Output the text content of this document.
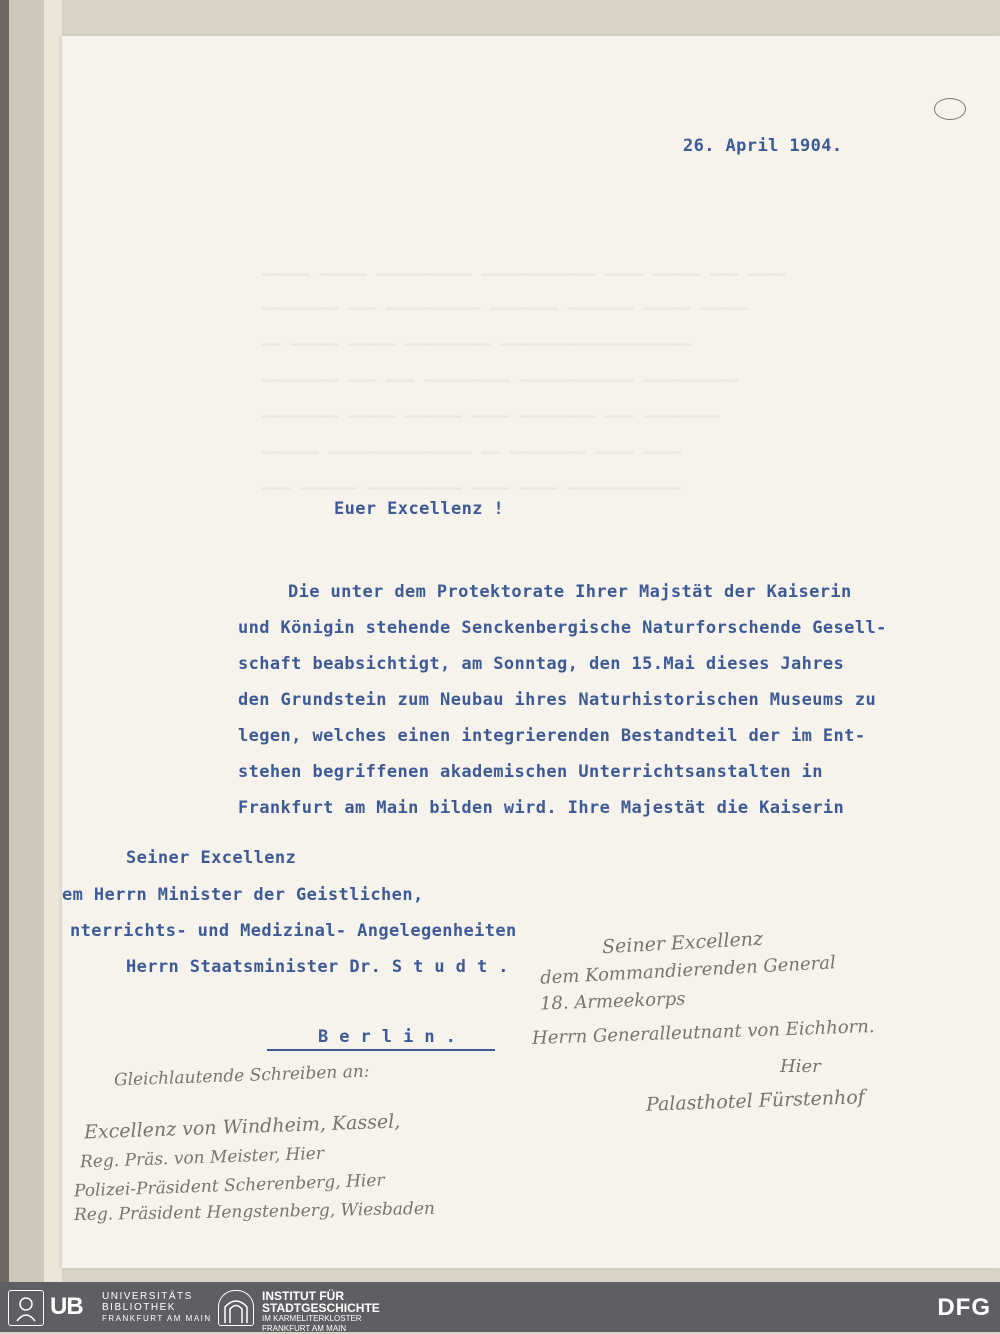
▁▁▁▁▁ ▁▁▁▁▁ ▁▁▁▁▁▁▁▁▁▁ ▁▁▁▁▁▁▁▁▁▁▁▁ ▁▁▁▁ ▁▁▁▁▁ ▁▁▁ ▁▁▁▁
▁▁▁▁▁▁▁▁ ▁▁▁ ▁▁▁▁▁▁▁▁▁▁ ▁▁▁▁▁▁▁ ▁▁▁▁▁▁▁ ▁▁▁▁▁ ▁▁▁▁▁
▁▁ ▁▁▁▁▁ ▁▁▁▁▁ ▁▁▁▁▁▁▁▁▁ ▁▁▁▁▁▁▁▁▁▁▁▁▁▁▁▁▁▁▁▁
▁▁▁▁▁▁▁▁ ▁▁▁ ▁▁▁ ▁▁▁▁▁▁▁▁▁ ▁▁▁▁▁▁▁▁▁▁▁▁ ▁▁▁▁▁▁▁▁▁▁
▁▁▁▁▁▁▁▁ ▁▁▁▁▁ ▁▁▁▁▁▁ ▁▁▁▁ ▁▁▁▁▁▁▁▁ ▁▁▁ ▁▁▁▁▁▁▁▁
▁▁▁▁▁▁ ▁▁▁▁▁▁▁▁▁▁▁▁▁▁▁ ▁▁ ▁▁▁▁▁▁▁▁ ▁▁▁▁ ▁▁▁▁
▁▁▁ ▁▁▁▁▁▁ ▁▁▁▁▁▁▁▁▁▁ ▁▁▁▁ ▁▁▁▁ ▁▁▁▁▁▁▁▁▁▁▁▁
26. April 1904.
Euer Excellenz !
Die unter dem Protektorate Ihrer Majstät der Kaiserin
und Königin stehende Senckenbergische Naturforschende Gesell-
schaft beabsichtigt, am Sonntag, den 15.Mai dieses Jahres
den Grundstein zum Neubau ihres Naturhistorischen Museums zu
legen, welches einen integrierenden Bestandteil der im Ent-
stehen begriffenen akademischen Unterrichtsanstalten in
Frankfurt am Main bilden wird. Ihre Majestät die Kaiserin
Seiner Excellenz
em Herrn Minister der Geistlichen,
nterrichts- und Medizinal- Angelegenheiten
Herrn Staatsminister Dr. S t u d t .
B e r l i n .
Seiner Excellenz
dem Kommandierenden General
18. Armeekorps
Herrn Generalleutnant von Eichhorn.
Hier
Palasthotel Fürstenhof
Gleichlautende Schreiben an:
Excellenz von Windheim, Kassel,
Reg. Präs. von Meister, Hier
Polizei-Präsident Scherenberg, Hier
Reg. Präsident Hengstenberg, Wiesbaden
UB UNIVERSITÄTS
BIBLIOTHEK
FRANKFURT AM MAIN
INSTITUT FÜR
STADTGESCHICHTE
IM KARMELITERKLOSTER
FRANKFURT AM MAIN
DFG
